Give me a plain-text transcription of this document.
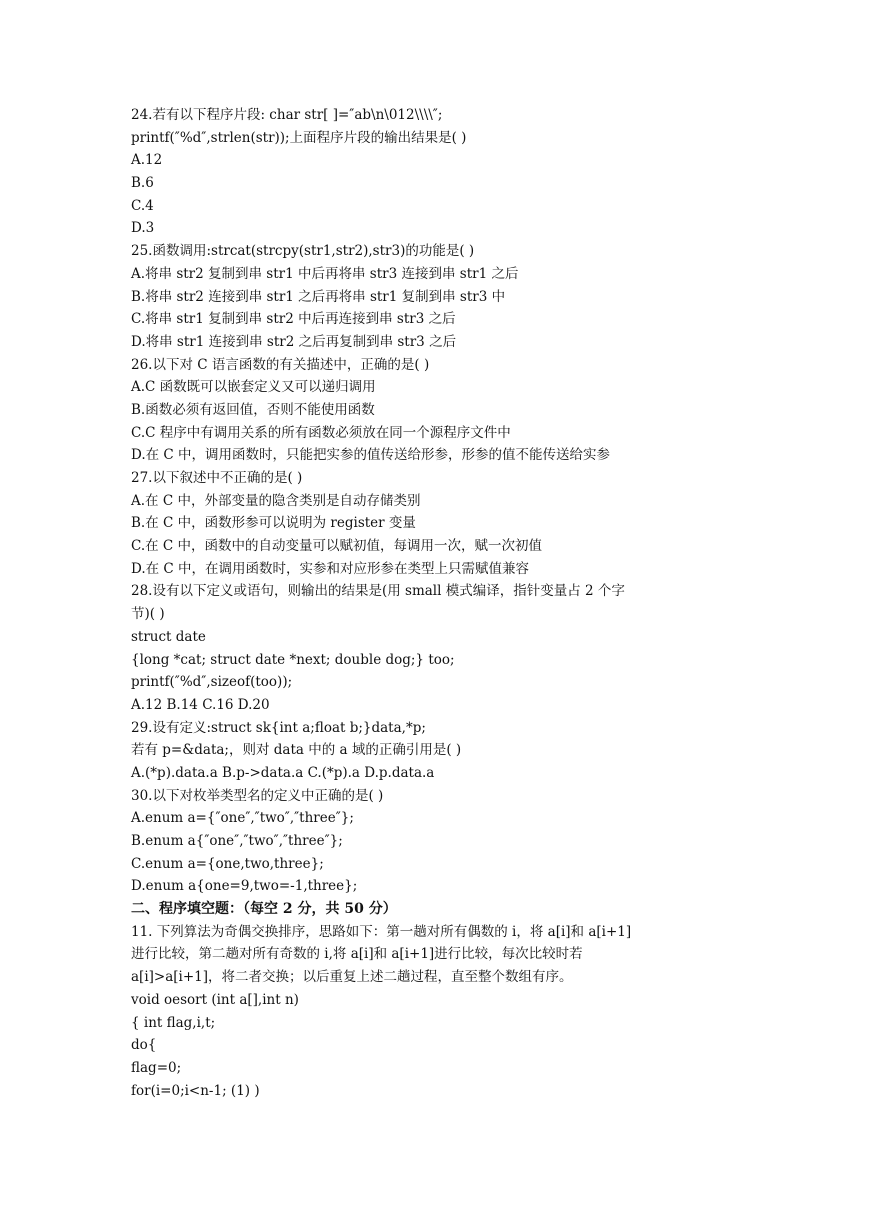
24.若有以下程序片段: char str[ ]=″ab\n\012\\\\″;
printf(″%d″,strlen(str));上面程序片段的输出结果是( )
A.12
B.6
C.4
D.3
25.函数调用:strcat(strcpy(str1,str2),str3)的功能是( )
A.将串 str2 复制到串 str1 中后再将串 str3 连接到串 str1 之后
B.将串 str2 连接到串 str1 之后再将串 str1 复制到串 str3 中
C.将串 str1 复制到串 str2 中后再连接到串 str3 之后
D.将串 str1 连接到串 str2 之后再复制到串 str3 之后
26.以下对 C 语言函数的有关描述中，正确的是( )
A.C 函数既可以嵌套定义又可以递归调用
B.函数必须有返回值，否则不能使用函数
C.C 程序中有调用关系的所有函数必须放在同一个源程序文件中
D.在 C 中，调用函数时，只能把实参的值传送给形参，形参的值不能传送给实参
27.以下叙述中不正确的是( )
A.在 C 中，外部变量的隐含类别是自动存储类别
B.在 C 中，函数形参可以说明为 register 变量
C.在 C 中，函数中的自动变量可以赋初值，每调用一次，赋一次初值
D.在 C 中，在调用函数时，实参和对应形参在类型上只需赋值兼容
28.设有以下定义或语句，则输出的结果是(用 small 模式编译，指针变量占 2 个字
节)( )
struct date
{long *cat; struct date *next; double dog;} too;
printf(″%d″,sizeof(too));
A.12 B.14 C.16 D.20
29.设有定义:struct sk{int a;float b;}data,*p;
若有 p=&data;，则对 data 中的 a 域的正确引用是( )
A.(*p).data.a B.p->data.a C.(*p).a D.p.data.a
30.以下对枚举类型名的定义中正确的是( )
A.enum a={″one″,″two″,″three″};
B.enum a{″one″,″two″,″three″};
C.enum a={one,two,three};
D.enum a{one=9,two=-1,three};
二、程序填空题：（每空 2 分，共 50 分）
11. 下列算法为奇偶交换排序，思路如下：第一趟对所有偶数的 i，将 a[i]和 a[i+1]
进行比较，第二趟对所有奇数的 i,将 a[i]和 a[i+1]进行比较，每次比较时若
a[i]>a[i+1]，将二者交换；以后重复上述二趟过程，直至整个数组有序。
void oesort (int a[],int n)
{ int flag,i,t;
do{
flag=0;
for(i=0;i<n-1; (1) )
